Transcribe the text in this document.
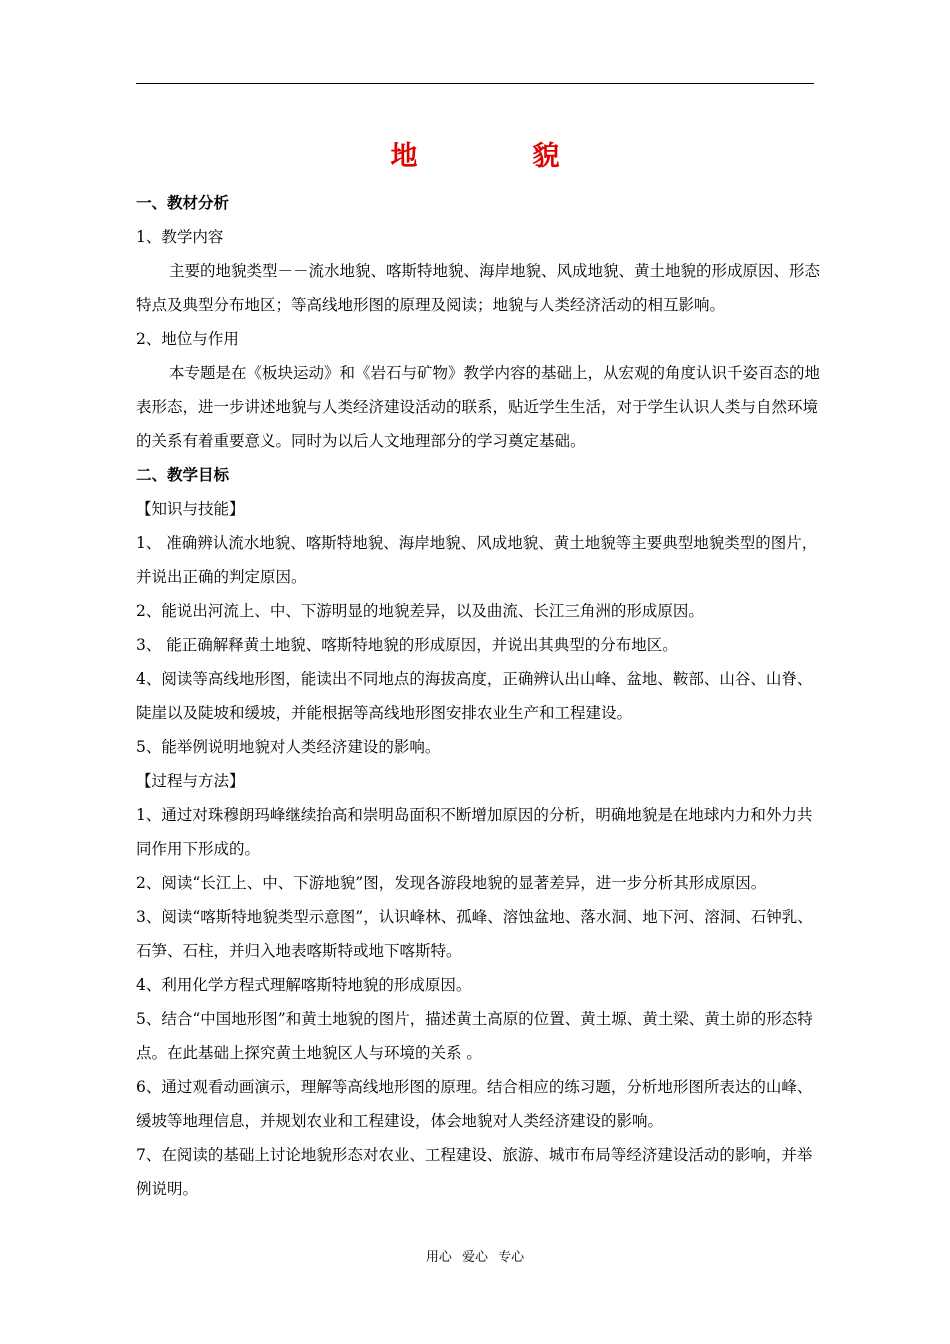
地　貌

一、教材分析

1、教学内容

主要的地貌类型－－流水地貌、喀斯特地貌、海岸地貌、风成地貌、黄土地貌的形成原因、形态特点及典型分布地区；等高线地形图的原理及阅读；地貌与人类经济活动的相互影响。

2、地位与作用

本专题是在《板块运动》和《岩石与矿物》教学内容的基础上，从宏观的角度认识千姿百态的地表形态，进一步讲述地貌与人类经济建设活动的联系，贴近学生生活，对于学生认识人类与自然环境的关系有着重要意义。同时为以后人文地理部分的学习奠定基础。

二、教学目标

【知识与技能】

1、 准确辨认流水地貌、喀斯特地貌、海岸地貌、风成地貌、黄土地貌等主要典型地貌类型的图片，并说出正确的判定原因。

2、能说出河流上、中、下游明显的地貌差异，以及曲流、长江三角洲的形成原因。

3、 能正确解释黄土地貌、喀斯特地貌的形成原因，并说出其典型的分布地区。

4、阅读等高线地形图，能读出不同地点的海拔高度，正确辨认出山峰、盆地、鞍部、山谷、山脊、陡崖以及陡坡和缓坡，并能根据等高线地形图安排农业生产和工程建设。

5、能举例说明地貌对人类经济建设的影响。

【过程与方法】

1、通过对珠穆朗玛峰继续抬高和崇明岛面积不断增加原因的分析，明确地貌是在地球内力和外力共同作用下形成的。

2、阅读“长江上、中、下游地貌”图，发现各游段地貌的显著差异，进一步分析其形成原因。

3、阅读“喀斯特地貌类型示意图”，认识峰林、孤峰、溶蚀盆地、落水洞、地下河、溶洞、石钟乳、石笋、石柱，并归入地表喀斯特或地下喀斯特。

4、利用化学方程式理解喀斯特地貌的形成原因。

5、结合“中国地形图”和黄土地貌的图片，描述黄土高原的位置、黄土塬、黄土梁、黄土峁的形态特点。在此基础上探究黄土地貌区人与环境的关系 。

6、通过观看动画演示，理解等高线地形图的原理。结合相应的练习题，分析地形图所表达的山峰、缓坡等地理信息，并规划农业和工程建设，体会地貌对人类经济建设的影响。

7、在阅读的基础上讨论地貌形态对农业、工程建设、旅游、城市布局等经济建设活动的影响，并举例说明。

用心 爱心 专心
